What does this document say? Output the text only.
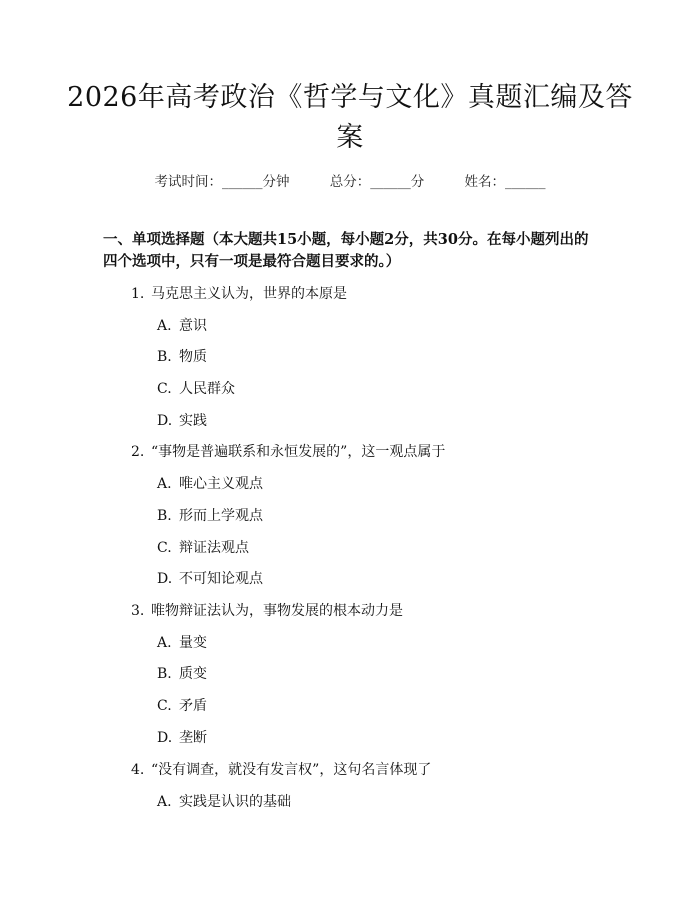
2026年高考政治《哲学与文化》真题汇编及答案
考试时间：______分钟	总分：______分	姓名：______

一、单项选择题（本大题共15小题，每小题2分，共30分。在每小题列出的四个选项中，只有一项是最符合题目要求的。）

1. 马克思主义认为，世界的本原是
A. 意识
B. 物质
C. 人民群众
D. 实践
2. “事物是普遍联系和永恒发展的”，这一观点属于
A. 唯心主义观点
B. 形而上学观点
C. 辩证法观点
D. 不可知论观点
3. 唯物辩证法认为，事物发展的根本动力是
A. 量变
B. 质变
C. 矛盾
D. 垄断
4. “没有调查，就没有发言权”，这句名言体现了
A. 实践是认识的基础
